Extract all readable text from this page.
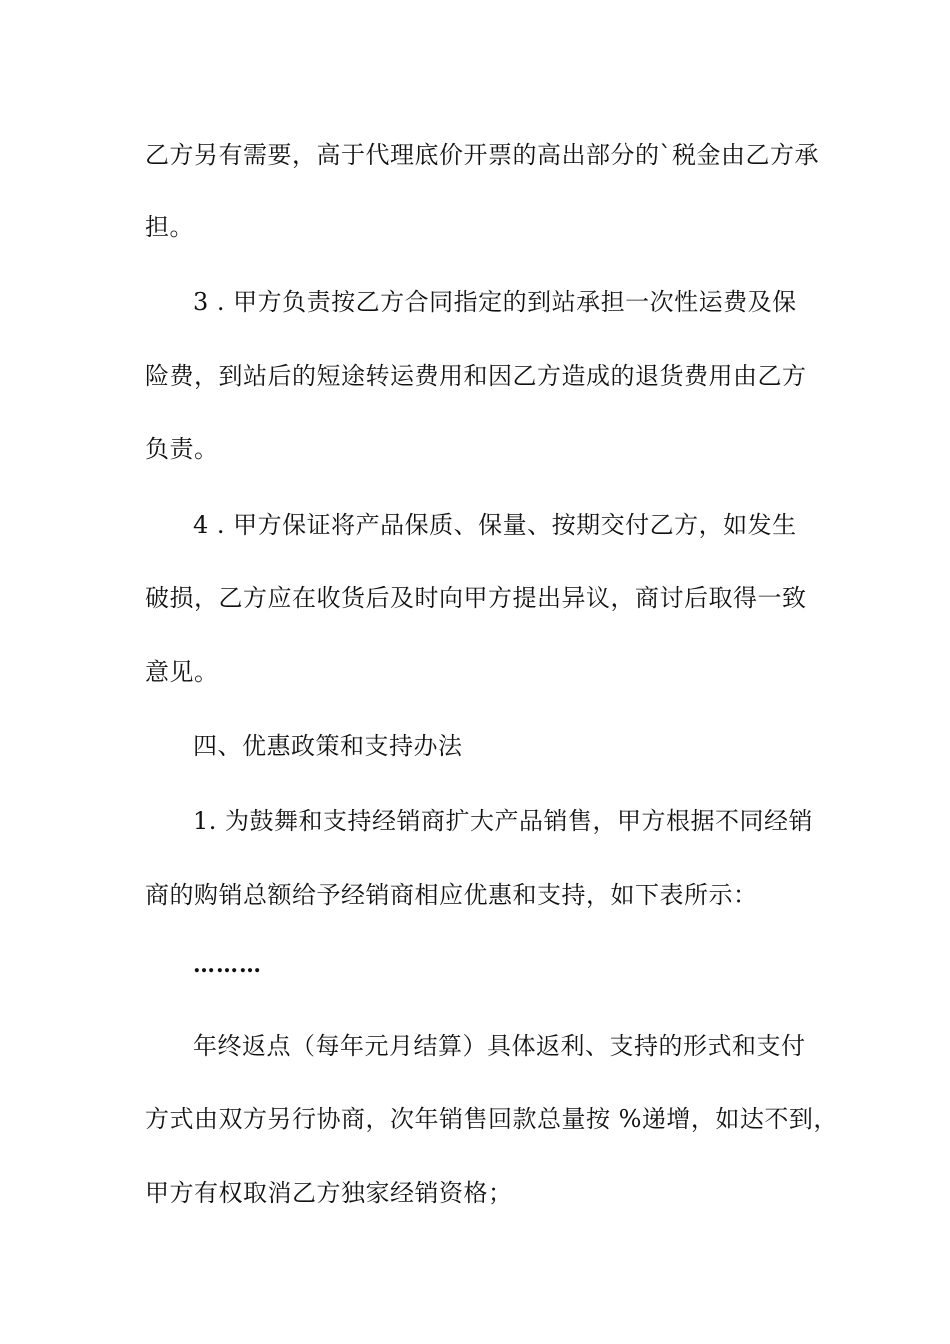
乙方另有需要，高于代理底价开票的高出部分的`税金由乙方承
担。
3 . 甲方负责按乙方合同指定的到站承担一次性运费及保
险费，到站后的短途转运费用和因乙方造成的退货费用由乙方
负责。
4 . 甲方保证将产品保质、保量、按期交付乙方，如发生
破损，乙方应在收货后及时向甲方提出异议，商讨后取得一致
意见。
四、优惠政策和支持办法
1. 为鼓舞和支持经销商扩大产品销售，甲方根据不同经销
商的购销总额给予经销商相应优惠和支持，如下表所示：
………
年终返点（每年元月结算）具体返利、支持的形式和支付
方式由双方另行协商，次年销售回款总量按 %递增，如达不到，
甲方有权取消乙方独家经销资格；
